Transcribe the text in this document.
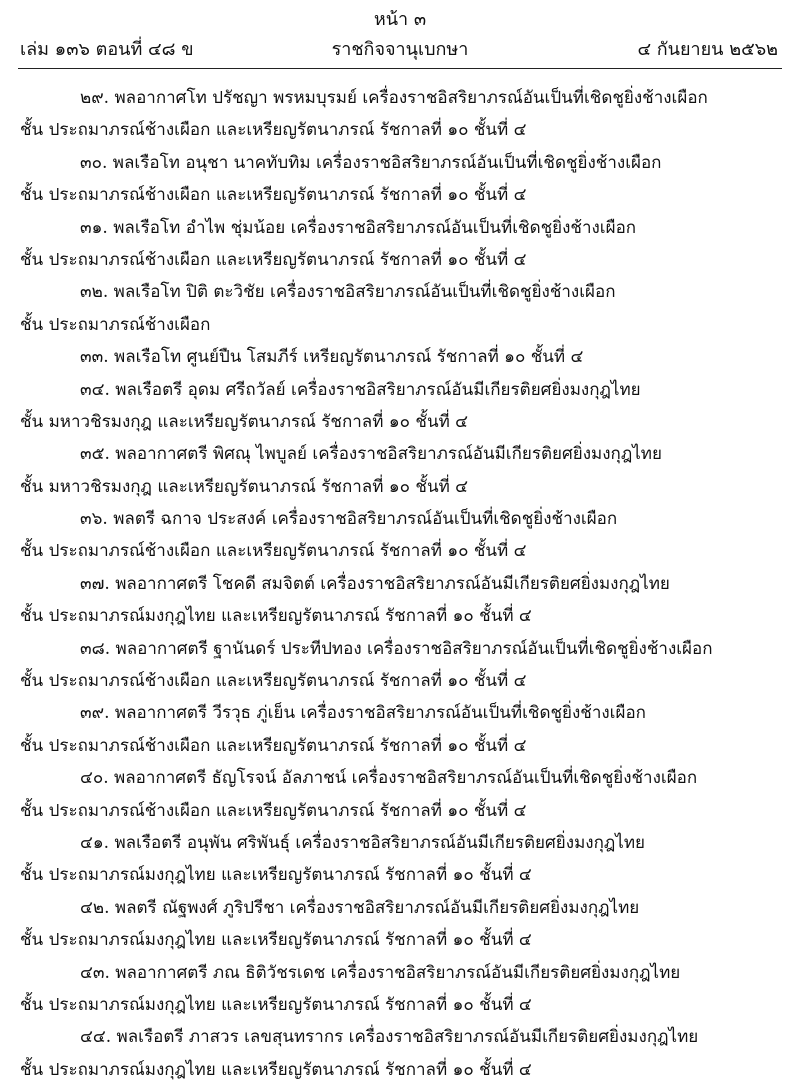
หน้า ๓
เล่ม ๑๓๖ ตอนที่ ๔๘ ข	ราชกิจจานุเบกษา	๔ กันยายน ๒๕๖๒
๒๙. พลอากาศโท ปรัชญา พรหมบุรมย์ เครื่องราชอิสริยาภรณ์อันเป็นที่เชิดชูยิ่งช้างเผือก
ชั้น ประถมาภรณ์ช้างเผือก และเหรียญรัตนาภรณ์ รัชกาลที่ ๑๐ ชั้นที่ ๔
๓๐. พลเรือโท อนุชา นาคทับทิม เครื่องราชอิสริยาภรณ์อันเป็นที่เชิดชูยิ่งช้างเผือก
ชั้น ประถมาภรณ์ช้างเผือก และเหรียญรัตนาภรณ์ รัชกาลที่ ๑๐ ชั้นที่ ๔
๓๑. พลเรือโท อำไพ ชุ่มน้อย เครื่องราชอิสริยาภรณ์อันเป็นที่เชิดชูยิ่งช้างเผือก
ชั้น ประถมาภรณ์ช้างเผือก และเหรียญรัตนาภรณ์ รัชกาลที่ ๑๐ ชั้นที่ ๔
๓๒. พลเรือโท ปิติ ตะวิชัย เครื่องราชอิสริยาภรณ์อันเป็นที่เชิดชูยิ่งช้างเผือก
ชั้น ประถมาภรณ์ช้างเผือก
๓๓. พลเรือโท ศูนย์ปืน โสมภีร์ เหรียญรัตนาภรณ์ รัชกาลที่ ๑๐ ชั้นที่ ๔
๓๔. พลเรือตรี อุดม ศรีถวัลย์ เครื่องราชอิสริยาภรณ์อันมีเกียรติยศยิ่งมงกุฎไทย
ชั้น มหาวชิรมงกุฎ และเหรียญรัตนาภรณ์ รัชกาลที่ ๑๐ ชั้นที่ ๔
๓๕. พลอากาศตรี พิศณุ ไพบูลย์ เครื่องราชอิสริยาภรณ์อันมีเกียรติยศยิ่งมงกุฎไทย
ชั้น มหาวชิรมงกุฎ และเหรียญรัตนาภรณ์ รัชกาลที่ ๑๐ ชั้นที่ ๔
๓๖. พลตรี ฉกาจ ประสงค์ เครื่องราชอิสริยาภรณ์อันเป็นที่เชิดชูยิ่งช้างเผือก
ชั้น ประถมาภรณ์ช้างเผือก และเหรียญรัตนาภรณ์ รัชกาลที่ ๑๐ ชั้นที่ ๔
๓๗. พลอากาศตรี โชคดี สมจิตต์ เครื่องราชอิสริยาภรณ์อันมีเกียรติยศยิ่งมงกุฎไทย
ชั้น ประถมาภรณ์มงกุฎไทย และเหรียญรัตนาภรณ์ รัชกาลที่ ๑๐ ชั้นที่ ๔
๓๘. พลอากาศตรี ฐานันดร์ ประทีปทอง เครื่องราชอิสริยาภรณ์อันเป็นที่เชิดชูยิ่งช้างเผือก
ชั้น ประถมาภรณ์ช้างเผือก และเหรียญรัตนาภรณ์ รัชกาลที่ ๑๐ ชั้นที่ ๔
๓๙. พลอากาศตรี วีรวุธ ภู่เย็น เครื่องราชอิสริยาภรณ์อันเป็นที่เชิดชูยิ่งช้างเผือก
ชั้น ประถมาภรณ์ช้างเผือก และเหรียญรัตนาภรณ์ รัชกาลที่ ๑๐ ชั้นที่ ๔
๔๐. พลอากาศตรี ธัญโรจน์ อัลภาชน์ เครื่องราชอิสริยาภรณ์อันเป็นที่เชิดชูยิ่งช้างเผือก
ชั้น ประถมาภรณ์ช้างเผือก และเหรียญรัตนาภรณ์ รัชกาลที่ ๑๐ ชั้นที่ ๔
๔๑. พลเรือตรี อนุพัน ศริพันธุ์ เครื่องราชอิสริยาภรณ์อันมีเกียรติยศยิ่งมงกุฎไทย
ชั้น ประถมาภรณ์มงกุฎไทย และเหรียญรัตนาภรณ์ รัชกาลที่ ๑๐ ชั้นที่ ๔
๔๒. พลตรี ณัฐพงศ์ ภูริปรีชา เครื่องราชอิสริยาภรณ์อันมีเกียรติยศยิ่งมงกุฎไทย
ชั้น ประถมาภรณ์มงกุฎไทย และเหรียญรัตนาภรณ์ รัชกาลที่ ๑๐ ชั้นที่ ๔
๔๓. พลอากาศตรี ภณ ธิติวัชรเดช เครื่องราชอิสริยาภรณ์อันมีเกียรติยศยิ่งมงกุฎไทย
ชั้น ประถมาภรณ์มงกุฎไทย และเหรียญรัตนาภรณ์ รัชกาลที่ ๑๐ ชั้นที่ ๔
๔๔. พลเรือตรี ภาสวร เลขสุนทรากร เครื่องราชอิสริยาภรณ์อันมีเกียรติยศยิ่งมงกุฎไทย
ชั้น ประถมาภรณ์มงกุฎไทย และเหรียญรัตนาภรณ์ รัชกาลที่ ๑๐ ชั้นที่ ๔
